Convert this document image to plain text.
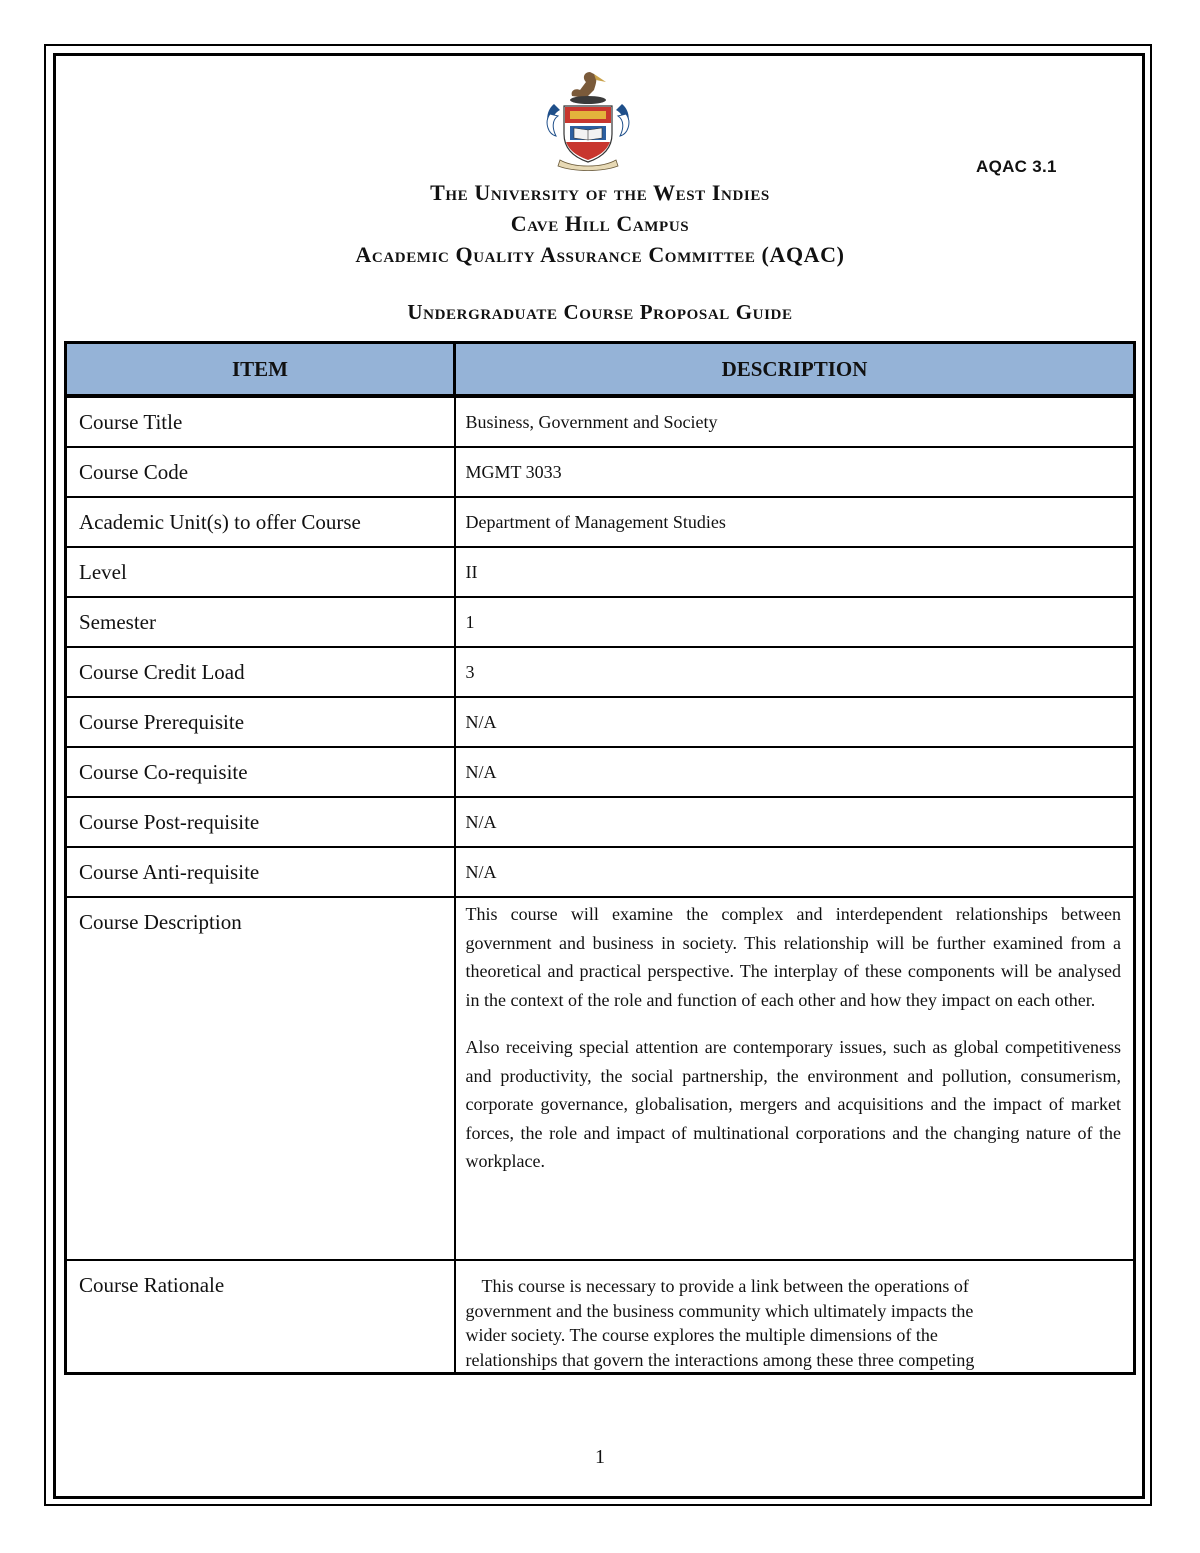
AQAC 3.1
The University of the West Indies
Cave Hill Campus
Academic Quality Assurance Committee (AQAC)
Undergraduate Course Proposal Guide
ITEM	DESCRIPTION

Course Title	Business, Government and Society

Course Code	MGMT 3033

Academic Unit(s) to offer Course	Department of Management Studies

Level	II

Semester	1

Course Credit Load	3

Course Prerequisite	N/A

Course Co-requisite	N/A

Course Post-requisite	N/A

Course Anti-requisite	N/A

Course Description	This course will examine the complex and interdependent relationships between government and business in society. This relationship will be further examined from a theoretical and practical perspective. The interplay of these components will be analysed in the context of the role and function of each other and how they impact on each other.

Also receiving special attention are contemporary issues, such as global competitiveness and productivity, the social partnership, the environment and pollution, consumerism, corporate governance, globalisation, mergers and acquisitions and the impact of market forces, the role and impact of multinational corporations and the changing nature of the workplace.

Course Rationale	This course is necessary to provide a link between the operations of
government and the business community which ultimately impacts the
wider society. The course explores the multiple dimensions of the
relationships that govern the interactions among these three competing
1
